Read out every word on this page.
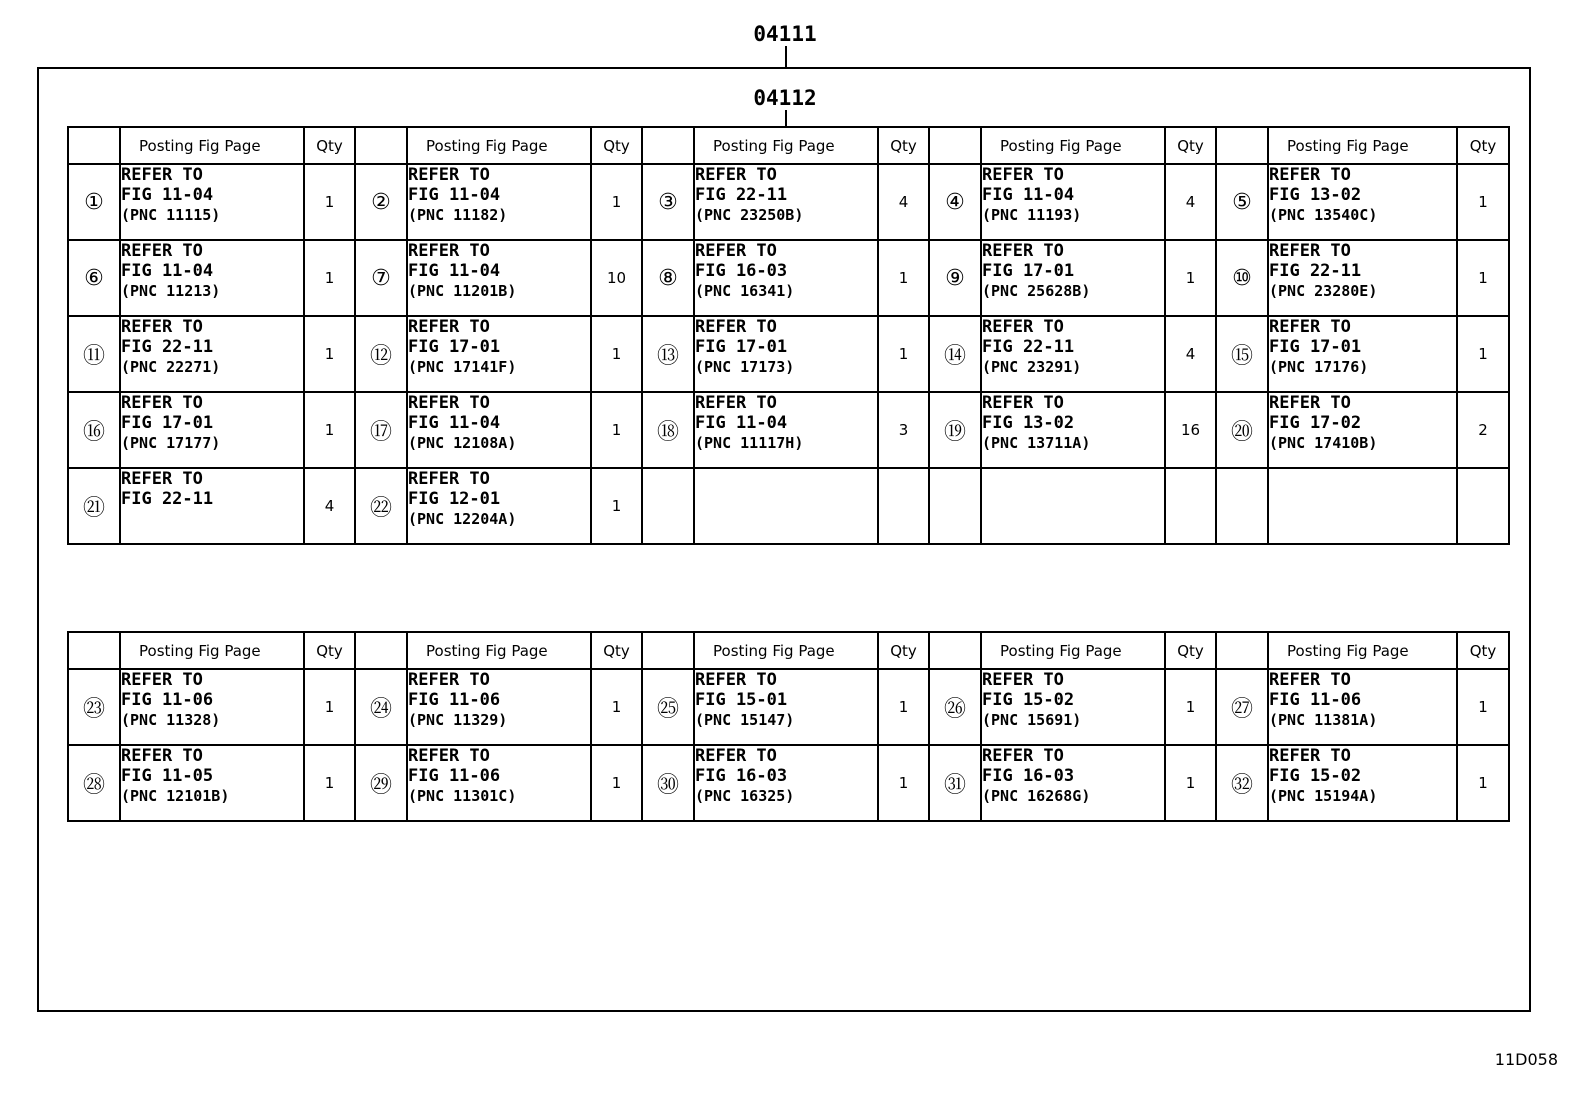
04111
04112
	Posting Fig Page	Qty		Posting Fig Page	Qty		Posting Fig Page	Qty		Posting Fig Page	Qty		Posting Fig Page	Qty
①	REFER TO
FIG 11-04
(PNC 11115)	1	②	REFER TO
FIG 11-04
(PNC 11182)	1	③	REFER TO
FIG 22-11
(PNC 23250B)	4	④	REFER TO
FIG 11-04
(PNC 11193)	4	⑤	REFER TO
FIG 13-02
(PNC 13540C)	1
⑥	REFER TO
FIG 11-04
(PNC 11213)	1	⑦	REFER TO
FIG 11-04
(PNC 11201B)	10	⑧	REFER TO
FIG 16-03
(PNC 16341)	1	⑨	REFER TO
FIG 17-01
(PNC 25628B)	1	⑩	REFER TO
FIG 22-11
(PNC 23280E)	1
⑪	REFER TO
FIG 22-11
(PNC 22271)	1	⑫	REFER TO
FIG 17-01
(PNC 17141F)	1	⑬	REFER TO
FIG 17-01
(PNC 17173)	1	⑭	REFER TO
FIG 22-11
(PNC 23291)	4	⑮	REFER TO
FIG 17-01
(PNC 17176)	1
⑯	REFER TO
FIG 17-01
(PNC 17177)	1	⑰	REFER TO
FIG 11-04
(PNC 12108A)	1	⑱	REFER TO
FIG 11-04
(PNC 11117H)	3	⑲	REFER TO
FIG 13-02
(PNC 13711A)	16	⑳	REFER TO
FIG 17-02
(PNC 17410B)	2
㉑	REFER TO
FIG 22-11	4	㉒	REFER TO
FIG 12-01
(PNC 12204A)	1		

	Posting Fig Page	Qty		Posting Fig Page	Qty		Posting Fig Page	Qty		Posting Fig Page	Qty		Posting Fig Page	Qty
㉓	REFER TO
FIG 11-06
(PNC 11328)	1	㉔	REFER TO
FIG 11-06
(PNC 11329)	1	㉕	REFER TO
FIG 15-01
(PNC 15147)	1	㉖	REFER TO
FIG 15-02
(PNC 15691)	1	㉗	REFER TO
FIG 11-06
(PNC 11381A)	1
㉘	REFER TO
FIG 11-05
(PNC 12101B)	1	㉙	REFER TO
FIG 11-06
(PNC 11301C)	1	㉚	REFER TO
FIG 16-03
(PNC 16325)	1	㉛	REFER TO
FIG 16-03
(PNC 16268G)	1	㉜	REFER TO
FIG 15-02
(PNC 15194A)	1
11D058
